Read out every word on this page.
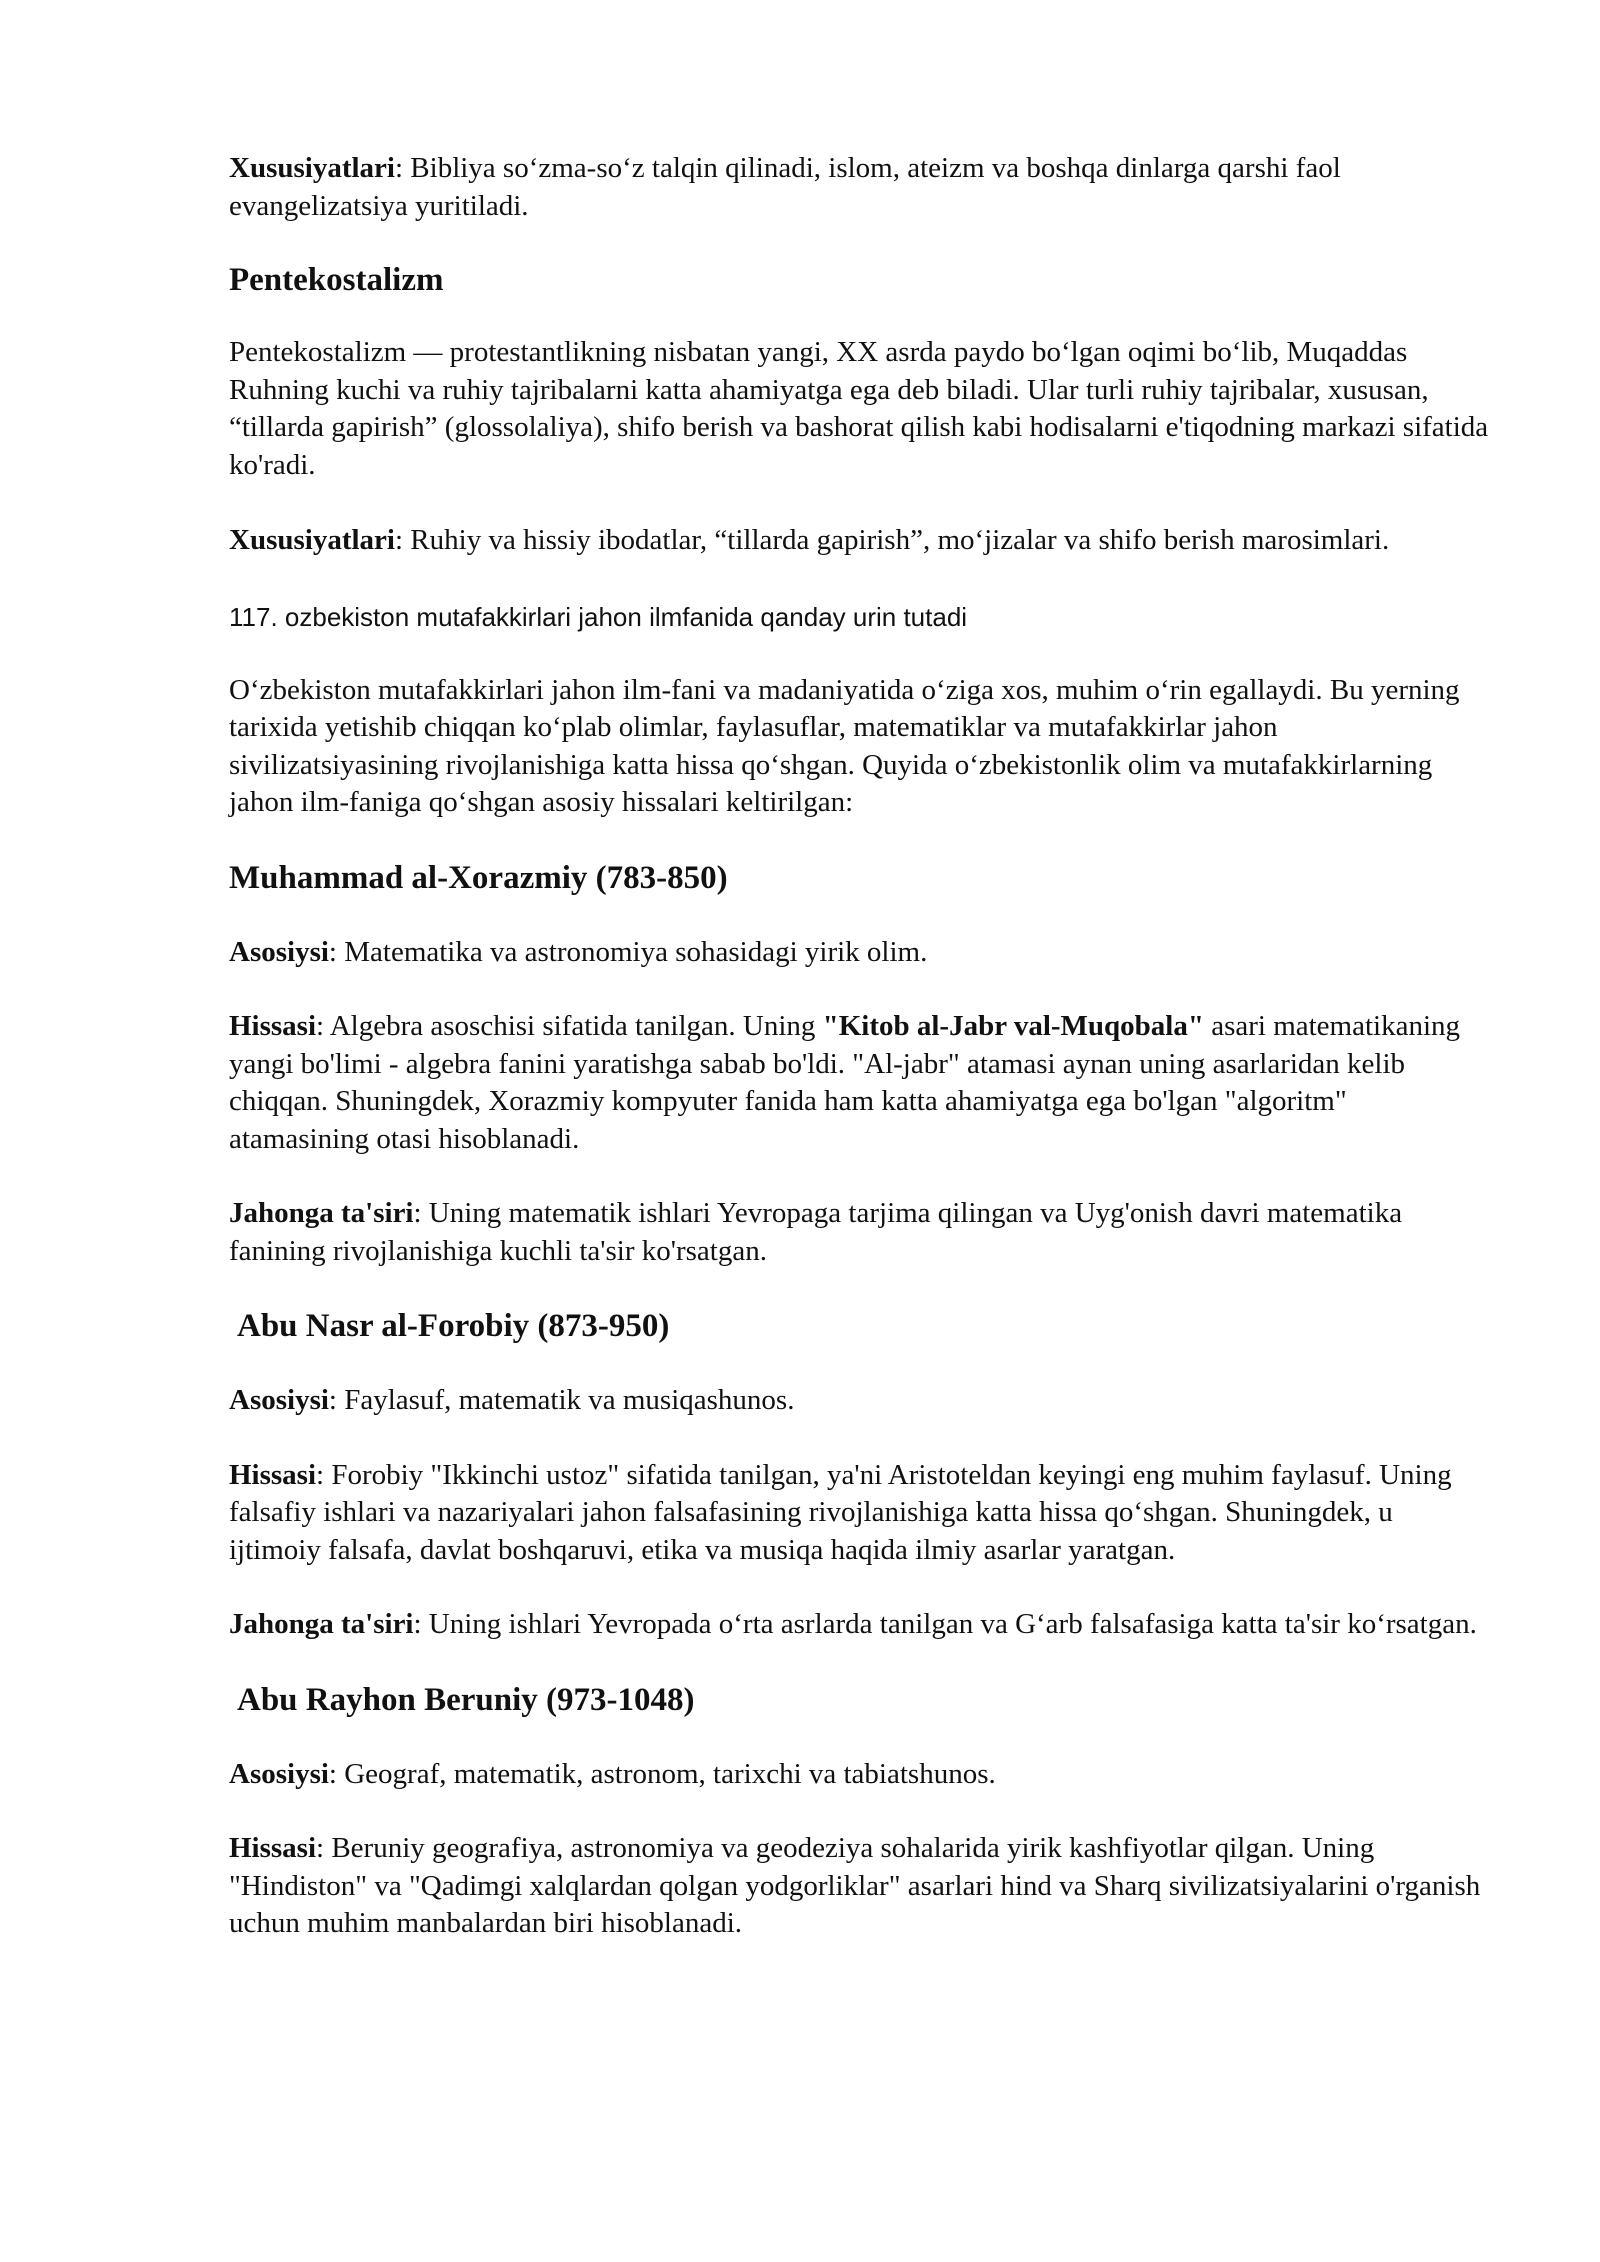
Xususiyatlari: Bibliya so‘zma-so‘z talqin qilinadi, islom, ateizm va boshqa dinlarga qarshi faol evangelizatsiya yuritiladi.

Pentekostalizm

Pentekostalizm — protestantlikning nisbatan yangi, XX asrda paydo bo‘lgan oqimi bo‘lib, Muqaddas Ruhning kuchi va ruhiy tajribalarni katta ahamiyatga ega deb biladi. Ular turli ruhiy tajribalar, xususan, “tillarda gapirish” (glossolaliya), shifo berish va bashorat qilish kabi hodisalarni e'tiqodning markazi sifatida ko'radi.

Xususiyatlari: Ruhiy va hissiy ibodatlar, “tillarda gapirish”, mo‘jizalar va shifo berish marosimlari.

117. ozbekiston mutafakkirlari jahon ilmfanida qanday urin tutadi

O‘zbekiston mutafakkirlari jahon ilm-fani va madaniyatida o‘ziga xos, muhim o‘rin egallaydi. Bu yerning tarixida yetishib chiqqan ko‘plab olimlar, faylasuflar, matematiklar va mutafakkirlar jahon sivilizatsiyasining rivojlanishiga katta hissa qo‘shgan. Quyida o‘zbekistonlik olim va mutafakkirlarning jahon ilm-faniga qo‘shgan asosiy hissalari keltirilgan:

Muhammad al-Xorazmiy (783-850)

Asosiysi: Matematika va astronomiya sohasidagi yirik olim.

Hissasi: Algebra asoschisi sifatida tanilgan. Uning "Kitob al-Jabr val-Muqobala" asari matematikaning yangi bo'limi - algebra fanini yaratishga sabab bo'ldi. "Al-jabr" atamasi aynan uning asarlaridan kelib chiqqan. Shuningdek, Xorazmiy kompyuter fanida ham katta ahamiyatga ega bo'lgan "algoritm" atamasining otasi hisoblanadi.

Jahonga ta'siri: Uning matematik ishlari Yevropaga tarjima qilingan va Uyg'onish davri matematika fanining rivojlanishiga kuchli ta'sir ko'rsatgan.

Abu Nasr al-Forobiy (873-950)

Asosiysi: Faylasuf, matematik va musiqashunos.

Hissasi: Forobiy "Ikkinchi ustoz" sifatida tanilgan, ya'ni Aristoteldan keyingi eng muhim faylasuf. Uning falsafiy ishlari va nazariyalari jahon falsafasining rivojlanishiga katta hissa qo‘shgan. Shuningdek, u ijtimoiy falsafa, davlat boshqaruvi, etika va musiqa haqida ilmiy asarlar yaratgan.

Jahonga ta'siri: Uning ishlari Yevropada o‘rta asrlarda tanilgan va G‘arb falsafasiga katta ta'sir ko‘rsatgan.

Abu Rayhon Beruniy (973-1048)

Asosiysi: Geograf, matematik, astronom, tarixchi va tabiatshunos.

Hissasi: Beruniy geografiya, astronomiya va geodeziya sohalarida yirik kashfiyotlar qilgan. Uning "Hindiston" va "Qadimgi xalqlardan qolgan yodgorliklar" asarlari hind va Sharq sivilizatsiyalarini o'rganish uchun muhim manbalardan biri hisoblanadi.
